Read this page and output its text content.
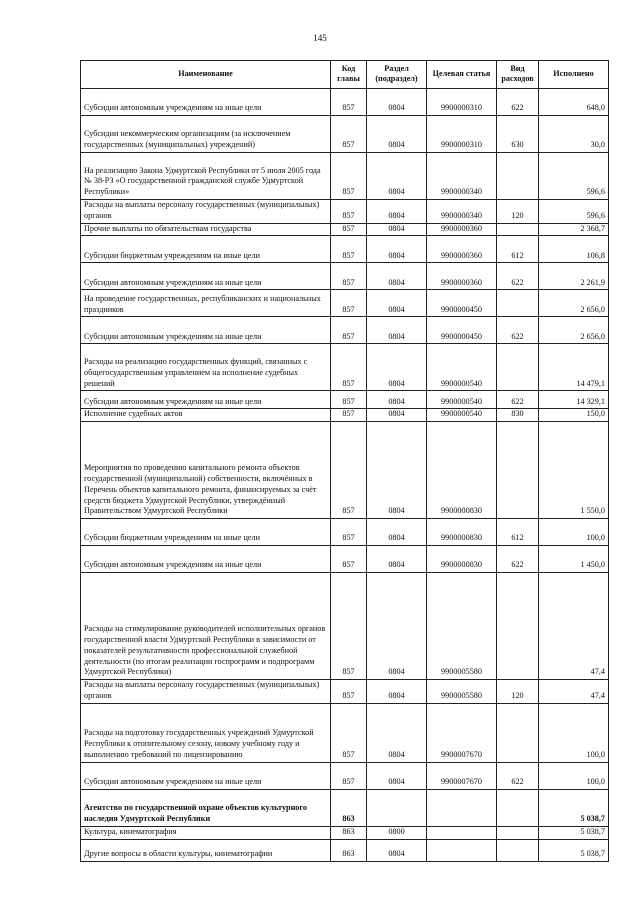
145
Наименование	Код главы	Раздел (подраздел)	Целевая статья	Вид расходов	Исполнено
Субсидии автономным учреждениям на иные цели	857	0804	9900000310	622	648,0
Субсидии некоммерческим организациям (за исключением государственных (муниципальных) учреждений)	857	0804	9900000310	630	30,0
На реализацию Закона Удмуртской Республики от 5 июля 2005 года № 38-РЗ «О государственной гражданской службе Удмуртской Республики»	857	0804	9900000340		596,6
Расходы на выплаты персоналу государственных (муниципальных) органов	857	0804	9900000340	120	596,6
Прочие выплаты по обязательствам государства	857	0804	9900000360		2 368,7
Субсидии бюджетным учреждениям на иные цели	857	0804	9900000360	612	106,8
Субсидии автономным учреждениям на иные цели	857	0804	9900000360	622	2 261,9
На проведение государственных, республиканских и национальных праздников	857	0804	9900000450		2 656,0
Субсидии автономным учреждениям на иные цели	857	0804	9900000450	622	2 656,0
Расходы на реализацию государственных функций, связанных с общегосударственным управлением на исполнение судебных решений	857	0804	9900000540		14 479,1
Субсидии автономным учреждениям на иные цели	857	0804	9900000540	622	14 329,1
Исполнение судебных актов	857	0804	9900000540	830	150,0
Мероприятия по проведению капитального ремонта объектов государственной (муниципальной) собственности, включённых в Перечень объектов капитального ремонта, финансируемых за счёт средств бюджета Удмуртской Республики, утверждённый Правительством Удмуртской Республики	857	0804	9900000830		1 550,0
Субсидии бюджетным учреждениям на иные цели	857	0804	9900000830	612	100,0
Субсидии автономным учреждениям на иные цели	857	0804	9900000830	622	1 450,0
Расходы на стимулирование руководителей исполнительных органов государственной власти Удмуртской Республики в зависимости от показателей результативности профессиональной служебной деятельности (по итогам реализации госпрограмм и подпрограмм Удмуртской Республики)	857	0804	9900005580		47,4
Расходы на выплаты персоналу государственных (муниципальных) органов	857	0804	9900005580	120	47,4
Расходы на подготовку государственных учреждений Удмуртской Республики к отопительному сезону, новому учебному году и выполнению требований по лицензированию	857	0804	9900007670		100,0
Субсидии автономным учреждениям на иные цели	857	0804	9900007670	622	100,0
Агентство по государственной охране объектов культурного наследия Удмуртской Республики	863				5 038,7
Культура, кинематография	863	0800			5 038,7
Другие вопросы в области культуры, кинематографии	863	0804			5 038,7
